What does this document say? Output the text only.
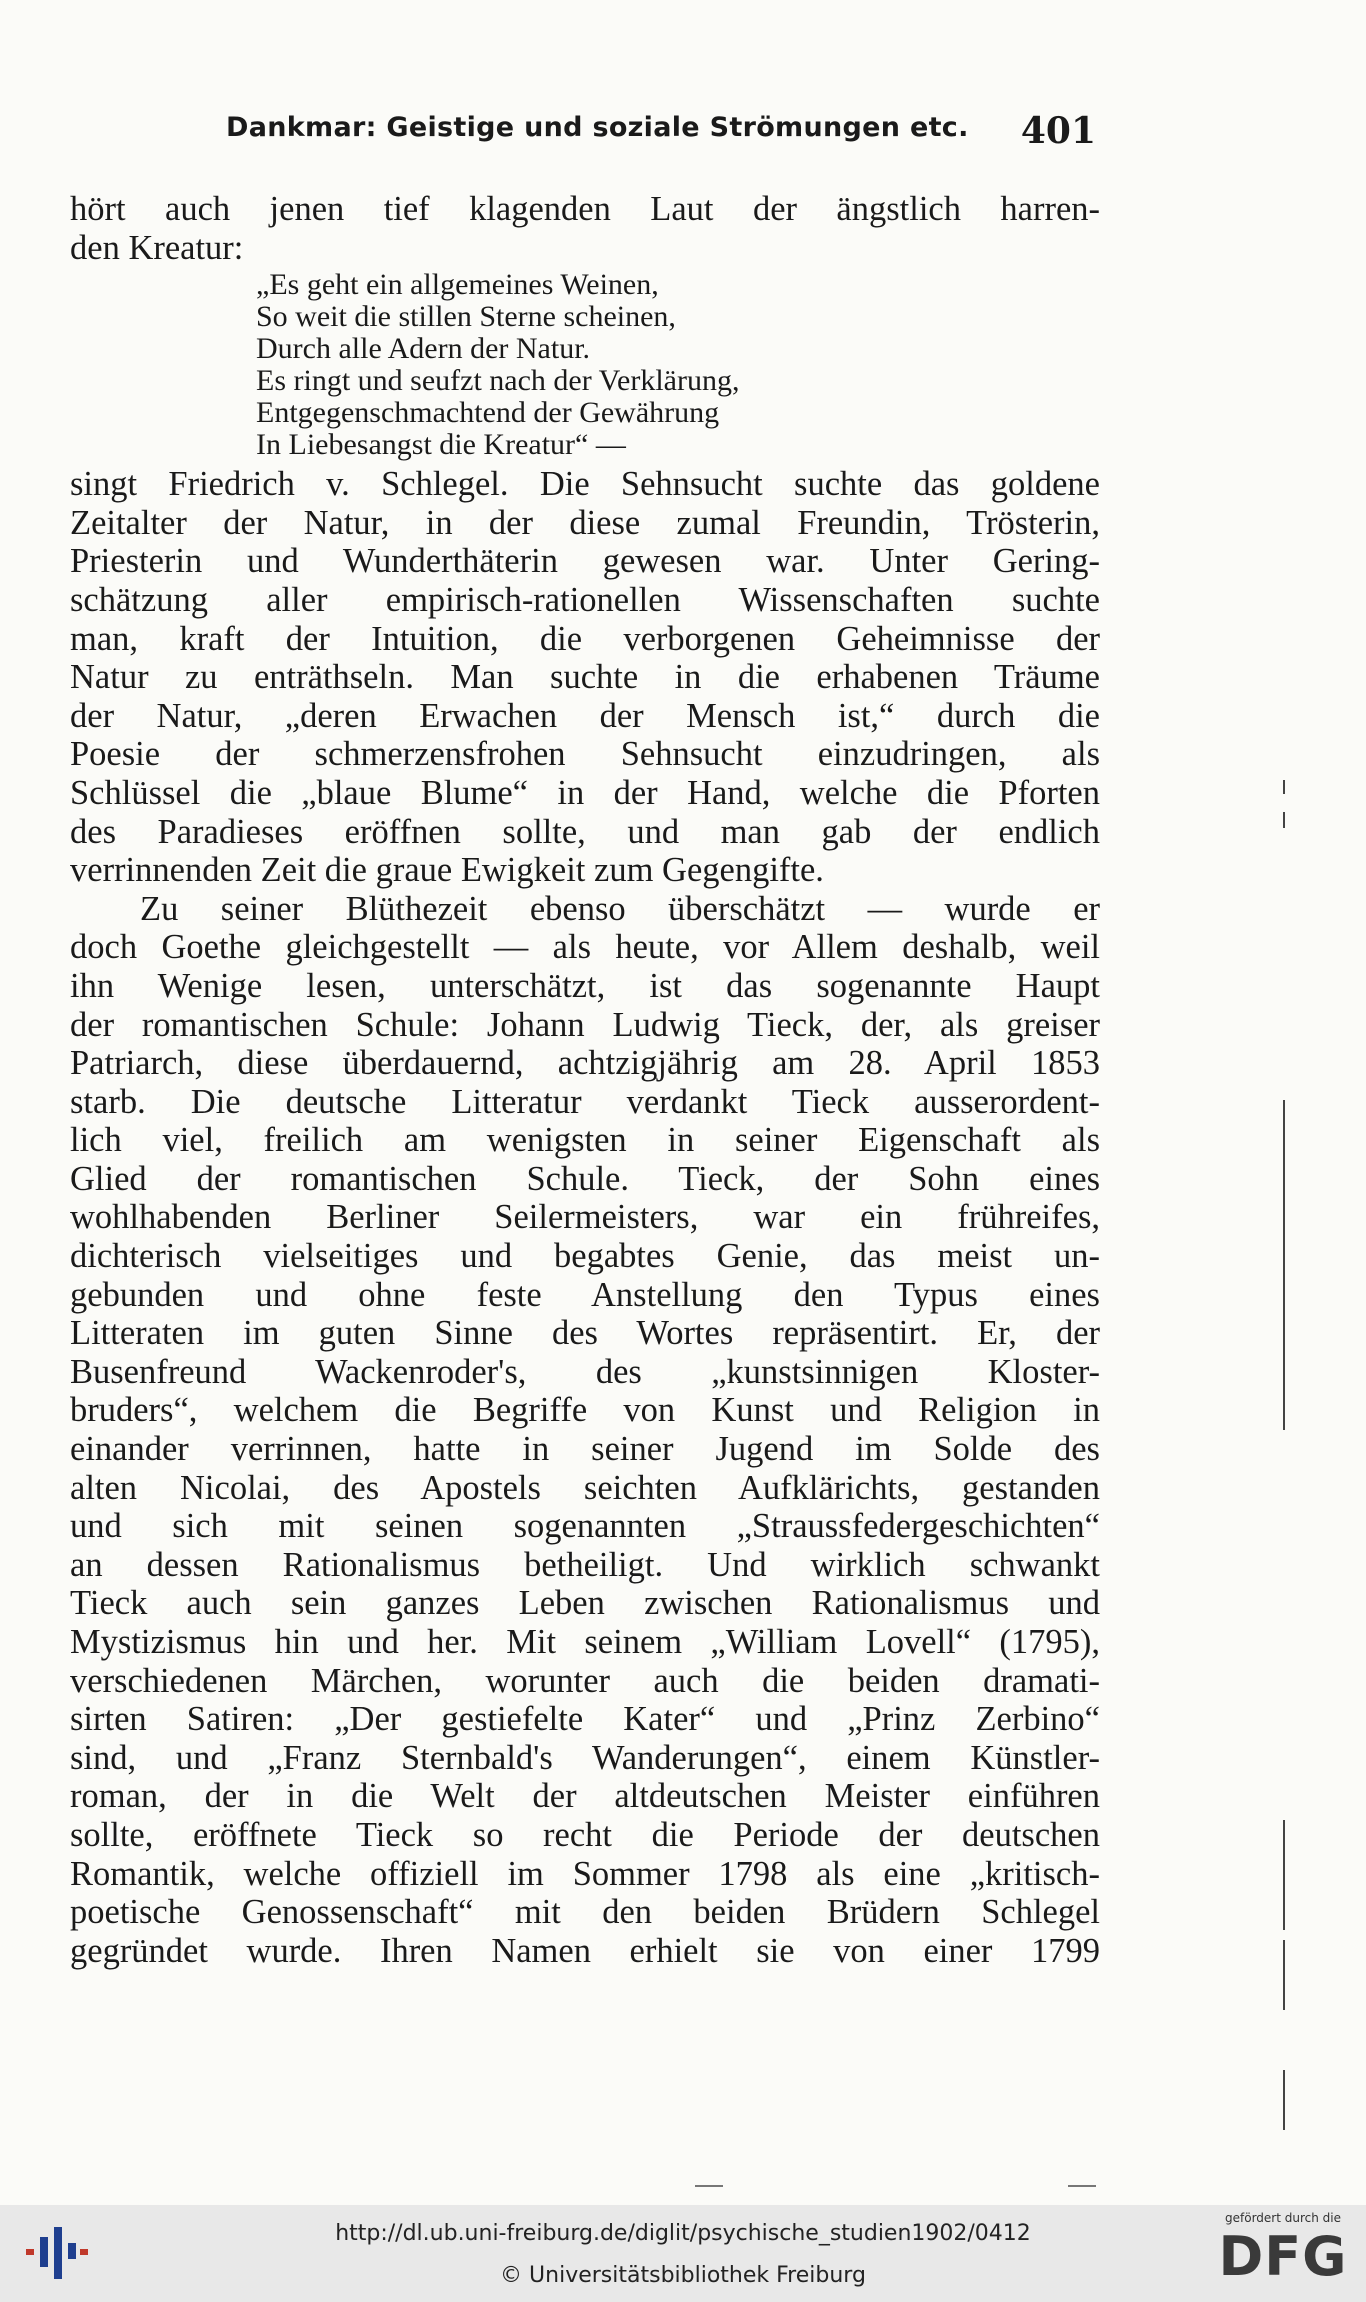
Dankmar: Geistige und soziale Strömungen etc. 401
hört auch jenen tief klagenden Laut der ängstlich harren-
den Kreatur:
„Es geht ein allgemeines Weinen,
So weit die stillen Sterne scheinen,
Durch alle Adern der Natur.
Es ringt und seufzt nach der Verklärung,
Entgegenschmachtend der Gewährung
In Liebesangst die Kreatur“ —
singt Friedrich v. Schlegel. Die Sehnsucht suchte das goldene
Zeitalter der Natur, in der diese zumal Freundin, Trösterin,
Priesterin und Wunderthäterin gewesen war. Unter Gering-
schätzung aller empirisch-rationellen Wissenschaften suchte
man, kraft der Intuition, die verborgenen Geheimnisse der
Natur zu enträthseln. Man suchte in die erhabenen Träume
der Natur, „deren Erwachen der Mensch ist,“ durch die
Poesie der schmerzensfrohen Sehnsucht einzudringen, als
Schlüssel die „blaue Blume“ in der Hand, welche die Pforten
des Paradieses eröffnen sollte, und man gab der endlich
verrinnenden Zeit die graue Ewigkeit zum Gegengifte.
Zu seiner Blüthezeit ebenso überschätzt — wurde er
doch Goethe gleichgestellt — als heute, vor Allem deshalb, weil
ihn Wenige lesen, unterschätzt, ist das sogenannte Haupt
der romantischen Schule: Johann Ludwig Tieck, der, als greiser
Patriarch, diese überdauernd, achtzigjährig am 28. April 1853
starb. Die deutsche Litteratur verdankt Tieck ausserordent-
lich viel, freilich am wenigsten in seiner Eigenschaft als
Glied der romantischen Schule. Tieck, der Sohn eines
wohlhabenden Berliner Seilermeisters, war ein frühreifes,
dichterisch vielseitiges und begabtes Genie, das meist un-
gebunden und ohne feste Anstellung den Typus eines
Litteraten im guten Sinne des Wortes repräsentirt. Er, der
Busenfreund Wackenroder's, des „kunstsinnigen Kloster-
bruders“, welchem die Begriffe von Kunst und Religion in
einander verrinnen, hatte in seiner Jugend im Solde des
alten Nicolai, des Apostels seichten Aufklärichts, gestanden
und sich mit seinen sogenannten „Straussfedergeschichten“
an dessen Rationalismus betheiligt. Und wirklich schwankt
Tieck auch sein ganzes Leben zwischen Rationalismus und
Mystizismus hin und her. Mit seinem „William Lovell“ (1795),
verschiedenen Märchen, worunter auch die beiden dramati-
sirten Satiren: „Der gestiefelte Kater“ und „Prinz Zerbino“
sind, und „Franz Sternbald's Wanderungen“, einem Künstler-
roman, der in die Welt der altdeutschen Meister einführen
sollte, eröffnete Tieck so recht die Periode der deutschen
Romantik, welche offiziell im Sommer 1798 als eine „kritisch-
poetische Genossenschaft“ mit den beiden Brüdern Schlegel
gegründet wurde. Ihren Namen erhielt sie von einer 1799
http://dl.ub.uni-freiburg.de/diglit/psychische_studien1902/0412
© Universitätsbibliothek Freiburg
gefördert durch die
DFG
